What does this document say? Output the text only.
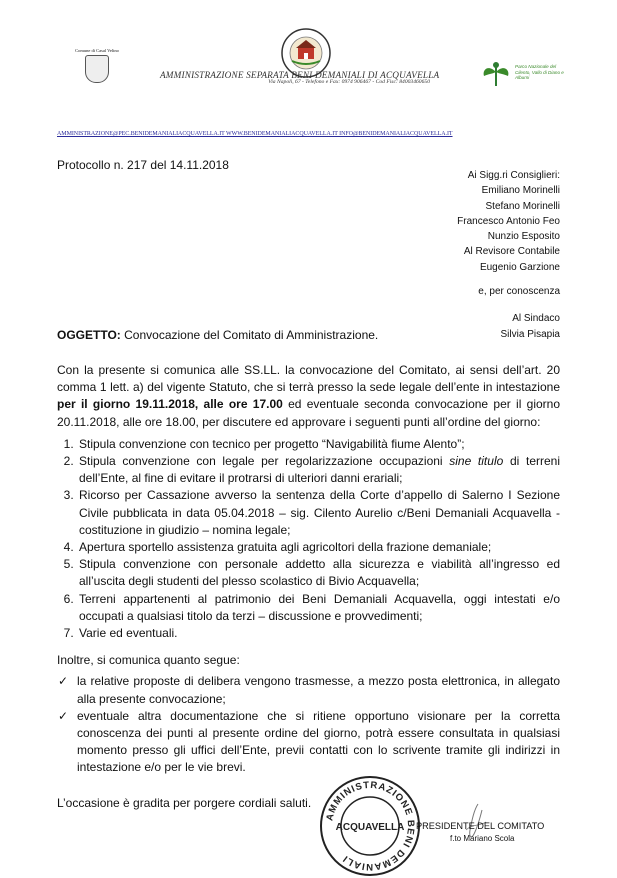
Comune di Casal Velino
AMMINISTRAZIONE SEPARATA BENI DEMANIALI DI ACQUAVELLA
Via Napoli, 67 - Telefono e Fax: 0974 906467 - Cod Fisc: 84003460650
Parco Nazionale del Cilento, Vallo di Diano e Alburni
AMMINISTRAZIONE@PEC.BENIDEMANIALIACQUAVELLA.IT WWW.BENIDEMANIALIACQUAVELLA.IT INFO@BENIDEMANIALIACQUAVELLA.IT
Protocollo n. 217 del 14.11.2018
Ai Sigg.ri Consiglieri:
Emiliano Morinelli
Stefano Morinelli
Francesco Antonio Feo
Nunzio Esposito
Al Revisore Contabile
Eugenio Garzione
e, per conoscenza
Al Sindaco
Silvia Pisapia
OGGETTO: Convocazione del Comitato di Amministrazione.
Con la presente si comunica alle SS.LL. la convocazione del Comitato, ai sensi dell’art. 20 comma 1 lett. a) del vigente Statuto, che si terrà presso la sede legale dell’ente in intestazione per il giorno 19.11.2018, alle ore 17.00 ed eventuale seconda convocazione per il giorno 20.11.2018, alle ore 18.00, per discutere ed approvare i seguenti punti all’ordine del giorno:
1. Stipula convenzione con tecnico per progetto “Navigabilità fiume Alento”;
2. Stipula convenzione con legale per regolarizzazione occupazioni sine titulo di terreni dell’Ente, al fine di evitare il protrarsi di ulteriori danni erariali;
3. Ricorso per Cassazione avverso la sentenza della Corte d’appello di Salerno I Sezione Civile pubblicata in data 05.04.2018 – sig. Cilento Aurelio c/Beni Demaniali Acquavella - costituzione in giudizio – nomina legale;
4. Apertura sportello assistenza gratuita agli agricoltori della frazione demaniale;
5. Stipula convenzione con personale addetto alla sicurezza e viabilità all’ingresso ed all’uscita degli studenti del plesso scolastico di Bivio Acquavella;
6. Terreni appartenenti al patrimonio dei Beni Demaniali Acquavella, oggi intestati e/o occupati a qualsiasi titolo da terzi – discussione e provvedimenti;
7. Varie ed eventuali.
Inoltre, si comunica quanto segue:
✓ la relative proposte di delibera vengono trasmesse, a mezzo posta elettronica, in allegato alla presente convocazione;
✓ eventuale altra documentazione che si ritiene opportuno visionare per la corretta conoscenza dei punti al presente ordine del giorno, potrà essere consultata in qualsiasi momento presso gli uffici dell’Ente, previi contatti con lo scrivente tramite gli indirizzi in intestazione e/o per le vie brevi.
L’occasione è gradita per porgere cordiali saluti.
AMMINISTRAZIONE BENI DEMANIALI
ACQUAVELLA PRESIDENTE DEL COMITATO
f.to Mariano Scola
